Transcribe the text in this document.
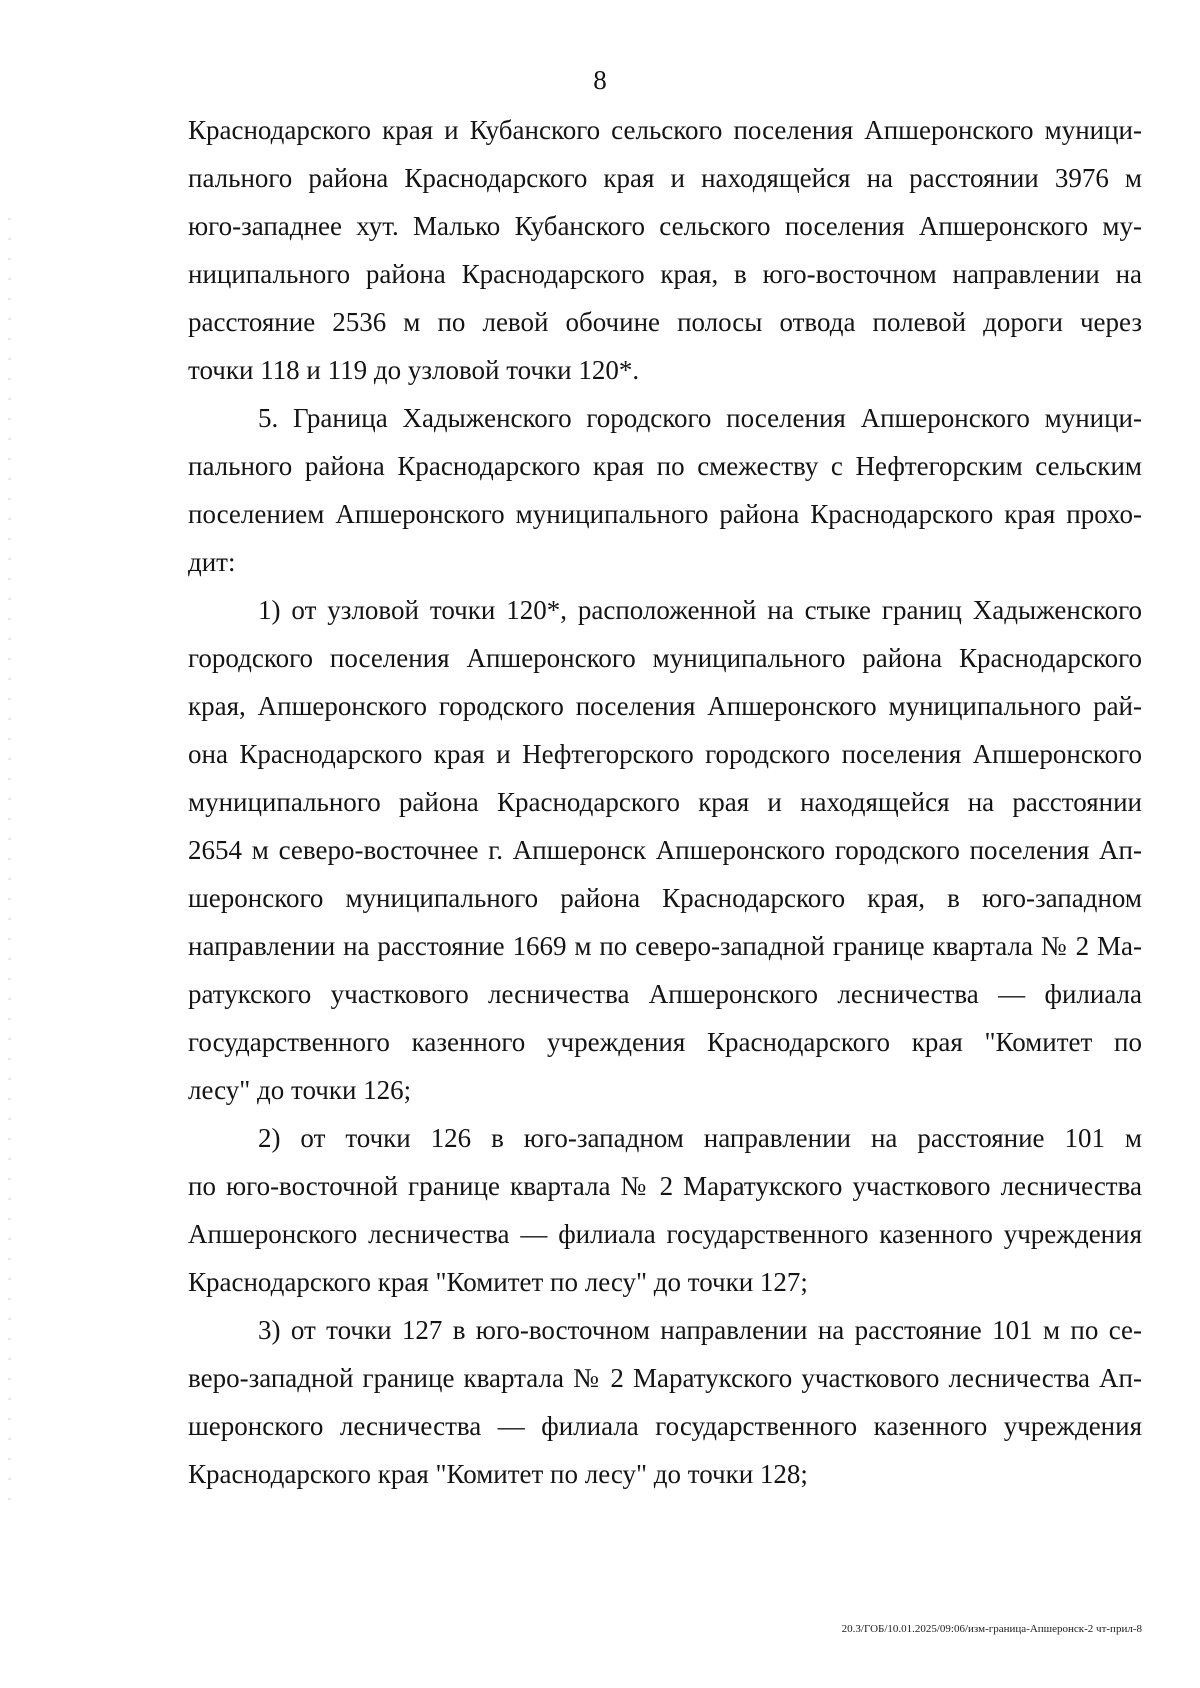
8
Краснодарского края и Кубанского сельского поселения Апшеронского муници-
пального района Краснодарского края и находящейся на расстоянии 3976 м
юго-западнее хут. Малько Кубанского сельского поселения Апшеронского му-
ниципального района Краснодарского края, в юго-восточном направлении на
расстояние 2536 м по левой обочине полосы отвода полевой дороги через
точки 118 и 119 до узловой точки 120*.
5. Граница Хадыженского городского поселения Апшеронского муници-
пального района Краснодарского края по смежеству с Нефтегорским сельским
поселением Апшеронского муниципального района Краснодарского края прохо-
дит:
1) от узловой точки 120*, расположенной на стыке границ Хадыженского
городского поселения Апшеронского муниципального района Краснодарского
края, Апшеронского городского поселения Апшеронского муниципального рай-
она Краснодарского края и Нефтегорского городского поселения Апшеронского
муниципального района Краснодарского края и находящейся на расстоянии
2654 м северо-восточнее г. Апшеронск Апшеронского городского поселения Ап-
шеронского муниципального района Краснодарского края, в юго-западном
направлении на расстояние 1669 м по северо-западной границе квартала № 2 Ма-
ратукского участкового лесничества Апшеронского лесничества — филиала
государственного казенного учреждения Краснодарского края "Комитет по
лесу" до точки 126;
2) от точки 126 в юго-западном направлении на расстояние 101 м
по юго-восточной границе квартала № 2 Маратукского участкового лесничества
Апшеронского лесничества — филиала государственного казенного учреждения
Краснодарского края "Комитет по лесу" до точки 127;
3) от точки 127 в юго-восточном направлении на расстояние 101 м по се-
веро-западной границе квартала № 2 Маратукского участкового лесничества Ап-
шеронского лесничества — филиала государственного казенного учреждения
Краснодарского края "Комитет по лесу" до точки 128;
20.3/ГОБ/10.01.2025/09:06/изм-граница-Апшеронск-2 чт-прил-8
